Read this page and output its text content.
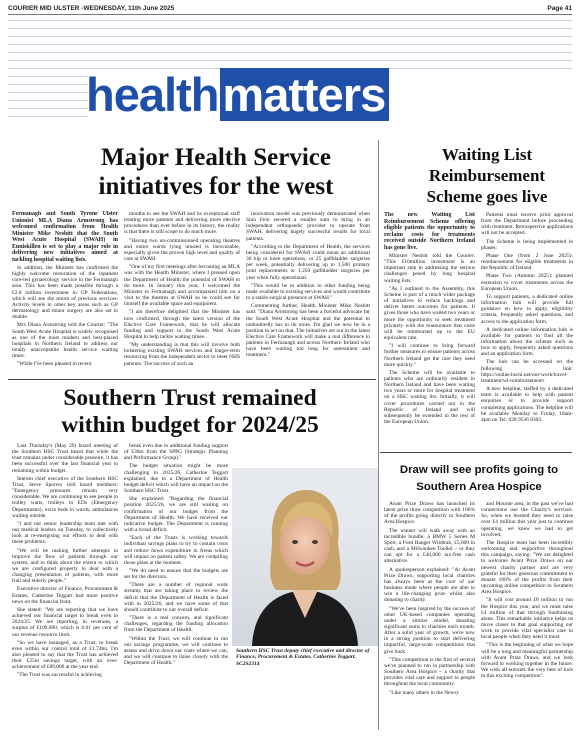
COURIER MID ULSTER -WEDNESDAY, 11th June 2025	Page 41
healthmatters
Major Health Service
initiatives for the west
Waiting List
Reimbursement
Scheme goes live

Fermanagh and South Tyrone Ulster Unionist MLA Diana Armstrong has welcomed confirmation from Health Minister Mike Nesbitt that the South West Acute Hospital (SWAH) in Enniskillen is set to play a major role in delivering new initiatives aimed at tackling hospital waiting lists.

In addition, the Minister has confirmed the highly welcome restoration of the inpatient core-led gynaecology service in the Fermanagh area. This has been made possible through a £2.0 million investment in GP Federations, which will see the return of previous services. Activity levels in other key areas such as GP dermatology and minor surgery are also set to double.

Mrs Diana Armstrong told the Courier: "The South West Acute Hospital is widely recognised as one of the most modern and best-placed hospitals in Northern Ireland to address our totally unacceptable health service waiting times.

"While I've been pleased in recent

months to see the SWAH and its exceptional staff treating more patients and delivering more elective procedures than ever before in its history, the reality is that there is still scope to do much more.

"Having two un-commissioned operating theatres and entire wards lying unused is inexcusable, especially given the proven high level and quality of care at SWAH.

"One of my first meetings after becoming an MLA was with the Health Minister, where I pressed upon the Department of Health the potential of SWAH to do more. In January this year, I welcomed the Minister to Fermanagh and accompanied him on a visit to the theatres at SWAH so he could see for himself the available space and equipment.

"I am therefore delighted that the Minister has now confirmed, through the latest version of the Elective Care Framework, that he will allocate funding and support to the South West Acute Hospital to help tackle waiting times.

"My understanding is that this will involve both bolstering existing SWAH services and longer-term resourcing from the independent sector to meet NHS patients. The success of such an

innovation model was previously demonstrated when Sinn Fein secured a smaller sum to bring in an independent orthopaedic provider to operate from SWAH, delivering hugely successful results for local patients.

"According to the Department of Health, the services being considered for SWAH could mean an additional 30 hip or knee operations, or 25 gallbladder surgeries per week, potentially delivering up to 1,500 primary joint replacements or 1,250 gallbladder surgeries per year when fully operational.

"This would be in addition to other funding being made available to existing services and would contribute to a stable surgical presence at SWAH."

Commenting further, Health Minister Mike Nesbitt said: "Diana Armstrong has been a forceful advocate for the South West Acute Hospital and the potential to undoubtedly has to do more. I'm glad we now be in a position to act on that. The initiatives set out in the latest Elective Care Framework will make a real difference to patients in Fermanagh and across Northern Ireland who have been waiting too long for assessment and treatment."

The new Waiting List Reimbursement Scheme offering eligible patients the opportunity to reclaim costs for treatments received outside Northern Ireland has gone live.

Minister Nesbitt told the Courier: "This £10million investment is an important step in addressing the serious challenges posed by long hospital waiting lists.

"As I outlined to the Assembly, this Scheme is part of a much wider package of initiatives to reduce backlogs and deliver better outcomes for patients. It gives those who have waited two years or more the opportunity to seek treatment privately with the reassurance that costs will be reimbursed up to the EU equivalent rate.

"I will continue to bring forward further measures to ensure patients across Northern Ireland get the care they need more quickly."

The Scheme will be available to patients who are ordinarily resident in Northern Ireland and have been waiting two years or more for hospital treatment on a HSC waiting list. Initially, it will cover procedures carried out in the Republic of Ireland and will subsequently be extended to the rest of the European Union.

Patients must receive prior approval from the Department before proceeding with treatment. Retrospective applications will not be accepted.

The Scheme is being implemented in phases:

Phase One (from 2 June 2025): reimbursement for eligible treatments in the Republic of Ireland.

Phase Two (Autumn 2025): planned extension to cover treatments across the European Union.

To support patients, a dedicated online information hub will provide full guidance on how to apply, eligibility criteria, frequently asked questions, and access to the application form.

A dedicated online information hub is available for patients to find all the information about the scheme such as how to apply, frequently asked questions and an application form.

The hub can be accessed on the following link: https://online.hscni.net/our-work/travel-treatment/wl-reimbursement/

A new helpline, staffed by a dedicated team is available to help with patient enquiries or to provide support completing applications. The helpline will be available Monday to Friday, 10am-4pm on Tel: 028 9536 8303.

Southern Trust remained
within budget for 2024/25

Last Thursday's (May 29) board meeting of the Southern HSC Trust heard that while the trust remains under considerable pressure, it has been successful over the last financial year in remaining within budget.

Interim chief executive of the Southern HSC Trust, Steve Sporrey told board members: "Emergency pressures remain very considerable. We are continuing to see people in trolley waits, trolleys in EDs (Emergency Departments), extra beds in wards, ambulances waiting outside.

"I and our senior leadership team met with our medical leaders on Tuesday, to collectively look at re-energising our efforts to deal with these problems.

"We will be making further attempts to improve the flow of patients through our system, and to think about the extent to which we are configured properly to deal with a changing presentation of patients, with more frail and elderly people."

Executive director of Finance, Procurement & Estates, Catherine Teggart had more positive news on the financial front.

She stated: "We are reporting that we have achieved our financial target to break even in 2024/25. We are reporting, in revenues, a surplus of £109,000, which is 0.01 per cent of our revenue resource limit.

"So we have managed, as a Trust, to break even within our control total of £1.74bn. I'm also pleased to say that the Trust has achieved their £25m savings target, with an over-achievement of £89,000 at the year end.

"The Trust was successful in achieving

break even due to additional funding support of £36m from the SPPG (Strategic Planning and Performance Group)."

The budget situation might be more challenging in 2025/26, Catherine Teggart explained, due to a Department of Health budget deficit which will have an impact on the Southern HSC Trust.

She explained: "Regarding the financial position 2025/26, we are still waiting on confirmation of our budget from the Department of Health. We have received our indicative budget. The Department is running with a broad deficit.

"Each of the Trusts is working towards individual savings plans to try to contain costs and reduce down expenditure in Areas which will impact on patient safety. We are compiling those plans at the moment.

"We do need to ensure that the budgets are set for the directors.

"There are a number of regional work streams that are taking place to review the deficit that the Department of Health is faced with in 2025/26, and we have some of that should contribute to our overall deficit.

"There is a real concern, and significant challenges, regarding the funding allocation from the Department of Health.

"Within the Trust, we will continue to run our savings programme, we will continue to assess and drive down our costs where we can, and we will continue to liaise closely with the Department of Health."

Southern HSC Trust deputy chief executive and director of Finance, Procurement & Estates, Catherine Teggart. SC2S2314
Draw will see profits going to
Southern Area Hospice

Avant Prize Draws has launched its latest prize draw competition with 100% of the profits going directly to Southern Area Hospice.

The winner will walk away with an incredible bundle: a BMW 5 Series M Sport, a Ford Ranger Wildtrak, £5,000 in cash, and a Milwaukee Toolkit – or they can opt for a £40,000 tax-free cash alternative.

A spokesperson explained: "At Avant Prize Draws, supporting local charities has always been at the core of our business mode where people are able to win a life-changing prize whilst also donating to charity.

"We've been inspired by the success of other UK-based companies operating under a similar model, donating significant sums to charities each month. After a solid year of growth, we're now in a strong position to start delivering impactful, large-scale competitions that give back.

"This competition is the first of several we've planned to run in partnership with Southern Area Hospice – a charity that provides vital care and support to people throughout the local community.

"Like many others in the Newry

and Mourne area, in the past we've had connections use the Charity's services. So, when we learned they need to raise over £4 million this year just to continue operating, we knew we had to get involved.

The Hospice team has been incredibly welcoming and supportive throughout this campaign, saying: "We are delighted to welcome Avant Prize Draws on our newest charity partner and are very grateful for their generous commitment to donate 100% of the profits from their upcoming online competition to Southern Area Hospice.

"It will cost around £8 million to run the Hospice this year, and we must raise £4 million of that through fundraising alone. This remarkable initiative helps us move closer to that goal supporting our work to provide vital specialist care to local people when they need it most.

"This is the beginning of what we hope will be a long and meaningful partnership with Avant Prize Draws, and we look forward to working together in the future. We wish all entrants the very best of luck in this exciting competition".
